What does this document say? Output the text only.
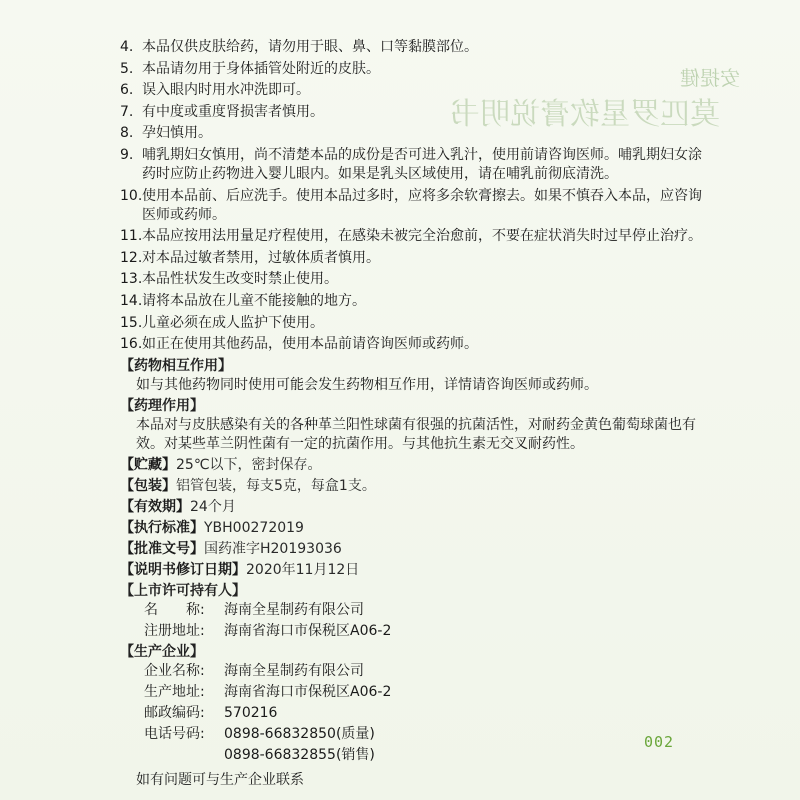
安提健
莫匹罗星软膏说明书
4. 本品仅供皮肤给药，请勿用于眼、鼻、口等黏膜部位。
5. 本品请勿用于身体插管处附近的皮肤。
6. 误入眼内时用水冲洗即可。
7. 有中度或重度肾损害者慎用。
8. 孕妇慎用。
9. 哺乳期妇女慎用，尚不清楚本品的成份是否可进入乳汁，使用前请咨询医师。哺乳期妇女涂药时应防止药物进入婴儿眼内。如果是乳头区域使用，请在哺乳前彻底清洗。
10. 使用本品前、后应洗手。使用本品过多时，应将多余软膏擦去。如果不慎吞入本品，应咨询医师或药师。
11. 本品应按用法用量足疗程使用，在感染未被完全治愈前，不要在症状消失时过早停止治疗。
12. 对本品过敏者禁用，过敏体质者慎用。
13. 本品性状发生改变时禁止使用。
14. 请将本品放在儿童不能接触的地方。
15. 儿童必须在成人监护下使用。
16. 如正在使用其他药品，使用本品前请咨询医师或药师。
【药物相互作用】
如与其他药物同时使用可能会发生药物相互作用，详情请咨询医师或药师。
【药理作用】
本品对与皮肤感染有关的各种革兰阳性球菌有很强的抗菌活性，对耐药金黄色葡萄球菌也有效。对某些革兰阴性菌有一定的抗菌作用。与其他抗生素无交叉耐药性。
【贮藏】 25℃以下，密封保存。
【包装】 铝管包装，每支5克，每盒1支。
【有效期】 24个月
【执行标准】 YBH00272019
【批准文号】 国药准字H20193036
【说明书修订日期】 2020年11月12日
【上市许可持有人】
名　　称:	海南全星制药有限公司
注册地址:	海南省海口市保税区A06-2
【生产企业】
企业名称:	海南全星制药有限公司
生产地址:	海南省海口市保税区A06-2
邮政编码:	570216
电话号码:	0898-66832850(质量)
0898-66832855(销售)
如有问题可与生产企业联系
002
